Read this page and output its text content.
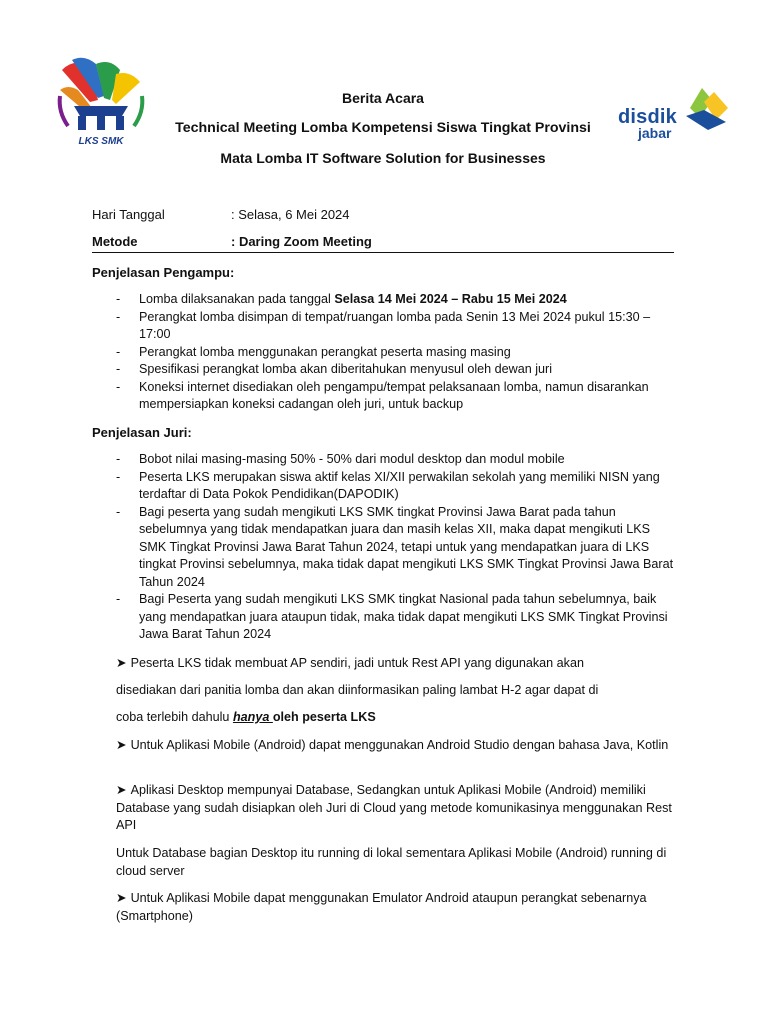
LKS SMK
Berita Acara
Technical Meeting Lomba Kompetensi Siswa Tingkat Provinsi
Mata Lomba IT Software Solution for Businesses
disdik
jabar
Hari Tanggal	: Selasa, 6 Mei 2024
Metode	: Daring Zoom Meeting
Penjelasan Pengampu:
- Lomba dilaksanakan pada tanggal Selasa 14 Mei 2024 – Rabu 15 Mei 2024
- Perangkat lomba disimpan di tempat/ruangan lomba pada Senin 13 Mei 2024 pukul 15:30 – 17:00
- Perangkat lomba menggunakan perangkat peserta masing masing
- Spesifikasi perangkat lomba akan diberitahukan menyusul oleh dewan juri
- Koneksi internet disediakan oleh pengampu/tempat pelaksanaan lomba, namun disarankan mempersiapkan koneksi cadangan oleh juri, untuk backup
Penjelasan Juri:
- Bobot nilai masing-masing 50% - 50% dari modul desktop dan modul mobile
- Peserta LKS merupakan siswa aktif kelas XI/XII perwakilan sekolah yang memiliki NISN yang terdaftar di Data Pokok Pendidikan(DAPODIK)
- Bagi peserta yang sudah mengikuti LKS SMK tingkat Provinsi Jawa Barat pada tahun sebelumnya yang tidak mendapatkan juara dan masih kelas XII, maka dapat mengikuti LKS SMK Tingkat Provinsi Jawa Barat Tahun 2024, tetapi untuk yang mendapatkan juara di LKS tingkat Provinsi sebelumnya, maka tidak dapat mengikuti LKS SMK Tingkat Provinsi Jawa Barat Tahun 2024
- Bagi Peserta yang sudah mengikuti LKS SMK tingkat Nasional pada tahun sebelumnya, baik yang mendapatkan juara ataupun tidak, maka tidak dapat mengikuti LKS SMK Tingkat Provinsi Jawa Barat Tahun 2024
➤ Peserta LKS tidak membuat AP sendiri, jadi untuk Rest API yang digunakan akan
disediakan dari panitia lomba dan akan diinformasikan paling lambat H-2 agar dapat di
coba terlebih dahulu hanya oleh peserta LKS
➤ Untuk Aplikasi Mobile (Android) dapat menggunakan Android Studio dengan bahasa Java, Kotlin
➤ Aplikasi Desktop mempunyai Database, Sedangkan untuk Aplikasi Mobile (Android) memiliki Database yang sudah disiapkan oleh Juri di Cloud yang metode komunikasinya menggunakan Rest API
Untuk Database bagian Desktop itu running di lokal sementara Aplikasi Mobile (Android) running di cloud server
➤ Untuk Aplikasi Mobile dapat menggunakan Emulator Android ataupun perangkat sebenarnya (Smartphone)
